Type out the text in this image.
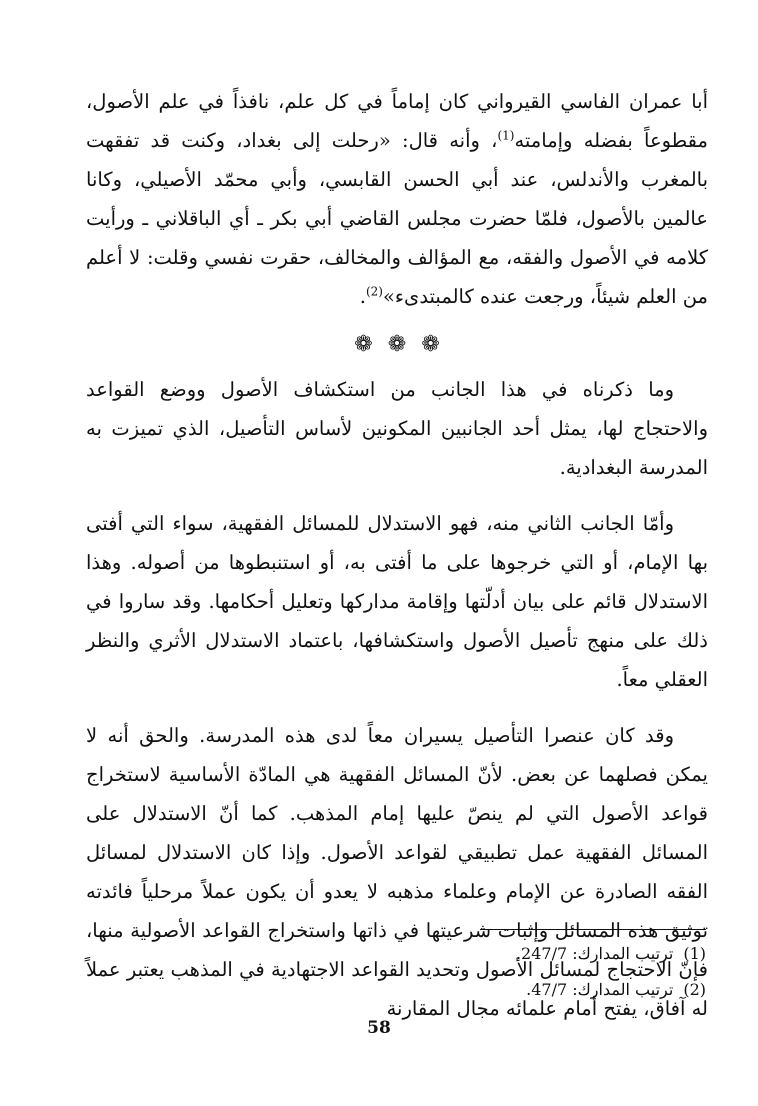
أبا عمران الفاسي القيرواني كان إماماً في كل علم، نافذاً في علم الأصول، مقطوعاً بفضله وإمامته$^{(1)}$، وأنه قال: «رحلت إلى بغداد، وكنت قد تفقهت بالمغرب والأندلس، عند أبي الحسن القابسي، وأبي محمّد الأصيلي، وكانا عالمين بالأصول، فلمّا حضرت مجلس القاضي أبي بكر ـ أي الباقلاني ـ ورأيت كلامه في الأصول والفقه، مع المؤالف والمخالف، حقرت نفسي وقلت: لا أعلم من العلم شيئاً، ورجعت عنده كالمبتدىء»$^{(2)}$.

❁ ❁ ❁

وما ذكرناه في هذا الجانب من استكشاف الأصول ووضع القواعد والاحتجاج لها، يمثل أحد الجانبين المكونين لأساس التأصيل، الذي تميزت به المدرسة البغدادية.

وأمّا الجانب الثاني منه، فهو الاستدلال للمسائل الفقهية، سواء التي أفتى بها الإمام، أو التي خرجوها على ما أفتى به، أو استنبطوها من أصوله. وهذا الاستدلال قائم على بيان أدلّتها وإقامة مداركها وتعليل أحكامها. وقد ساروا في ذلك على منهج تأصيل الأصول واستكشافها، باعتماد الاستدلال الأثري والنظر العقلي معاً.

وقد كان عنصرا التأصيل يسيران معاً لدى هذه المدرسة. والحق أنه لا يمكن فصلهما عن بعض. لأنّ المسائل الفقهية هي المادّة الأساسية لاستخراج قواعد الأصول التي لم ينصّ عليها إمام المذهب. كما أنّ الاستدلال على المسائل الفقهية عمل تطبيقي لقواعد الأصول. وإذا كان الاستدلال لمسائل الفقه الصادرة عن الإمام وعلماء مذهبه لا يعدو أن يكون عملاً مرحلياً فائدته توثيق هذه المسائل وإثبات شرعيتها في ذاتها واستخراج القواعد الأصولية منها، فإنّ الاحتجاج لمسائل الأصول وتحديد القواعد الاجتهادية في المذهب يعتبر عملاً له آفاق، يفتح أمام علمائه مجال المقارنة

(1)ترتيب المدارك: 247/7.

(2)ترتيب المدارك: 47/7.

58
